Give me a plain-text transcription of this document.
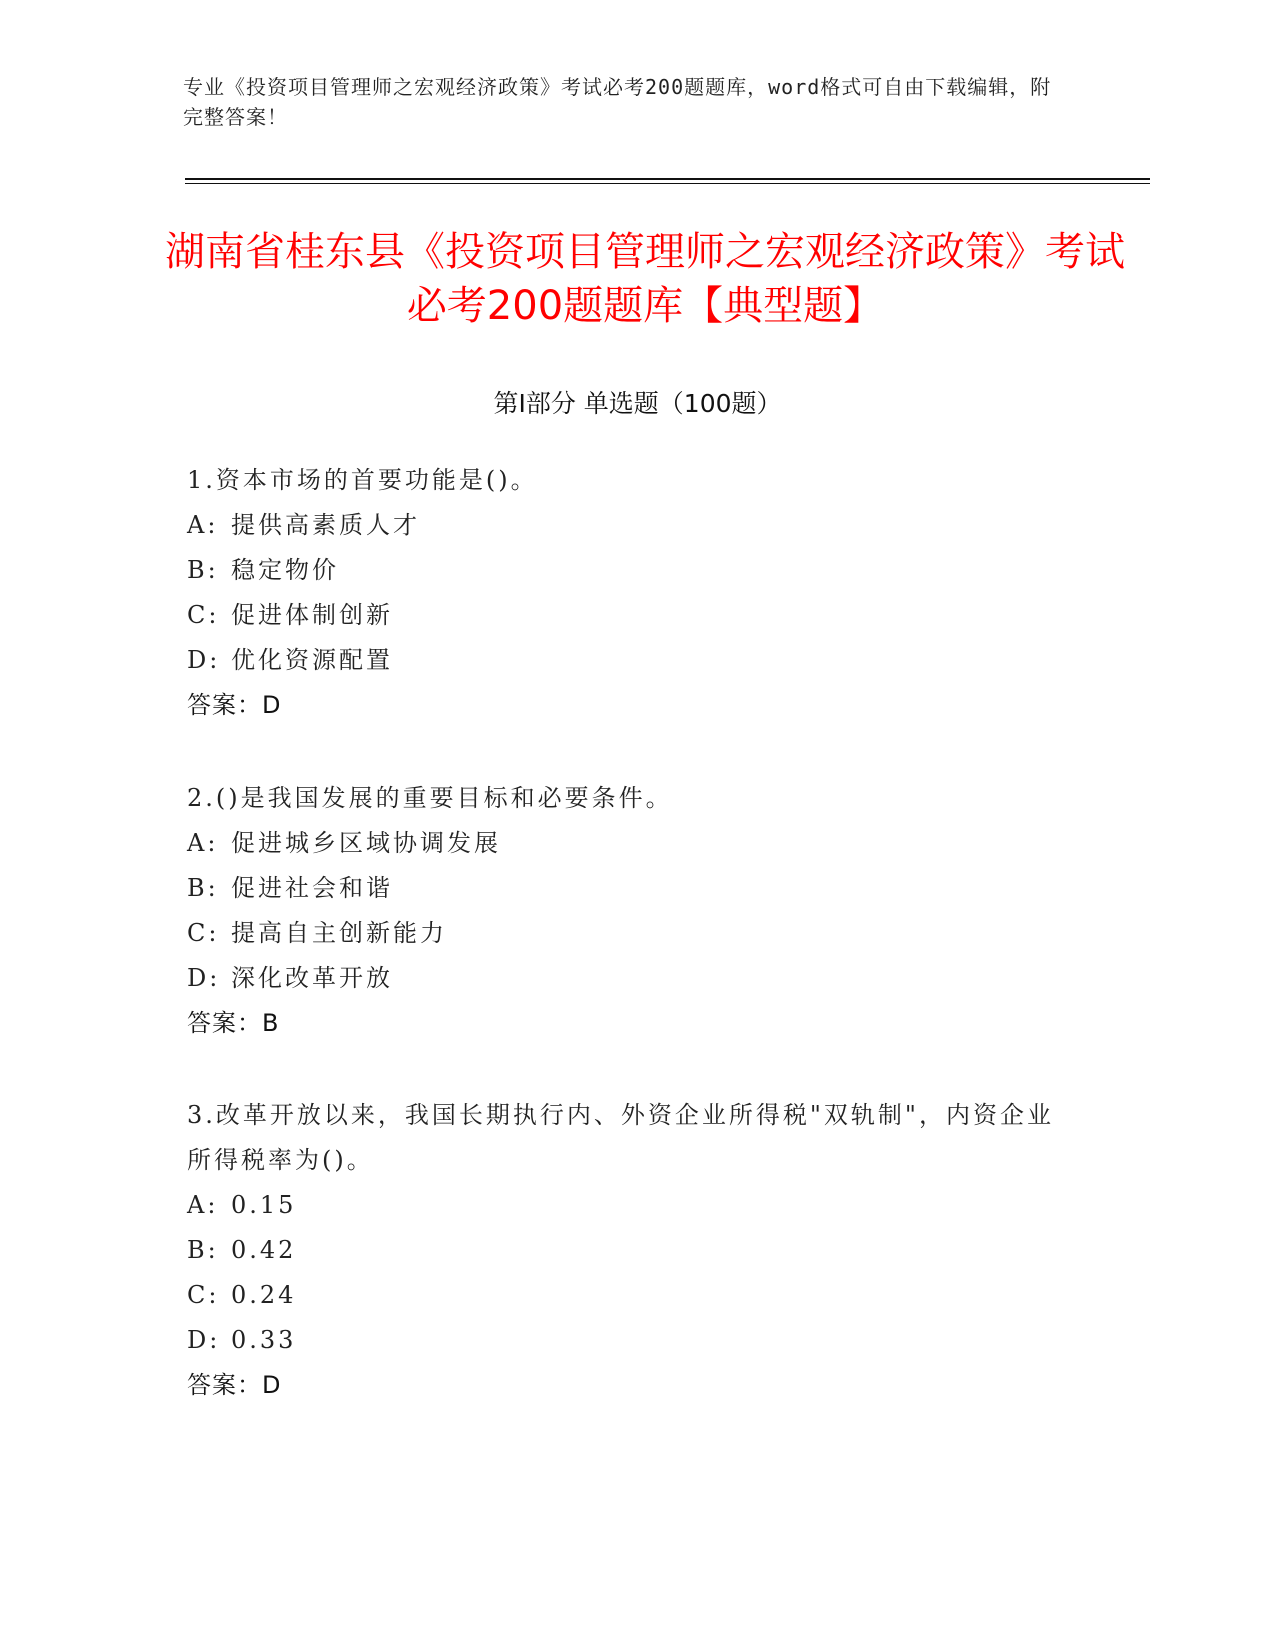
专业《投资项目管理师之宏观经济政策》考试必考200题题库，word格式可自由下载编辑，附完整答案！
湖南省桂东县《投资项目管理师之宏观经济政策》考试必考200题题库【典型题】
第Ⅰ部分 单选题（100题）
1.资本市场的首要功能是()。
A: 提供高素质人才
B: 稳定物价
C: 促进体制创新
D: 优化资源配置
答案：D
2.()是我国发展的重要目标和必要条件。
A: 促进城乡区域协调发展
B: 促进社会和谐
C: 提高自主创新能力
D: 深化改革开放
答案：B
3.改革开放以来，我国长期执行内、外资企业所得税"双轨制"，内资企业所得税率为()。
A: 0.15
B: 0.42
C: 0.24
D: 0.33
答案：D
